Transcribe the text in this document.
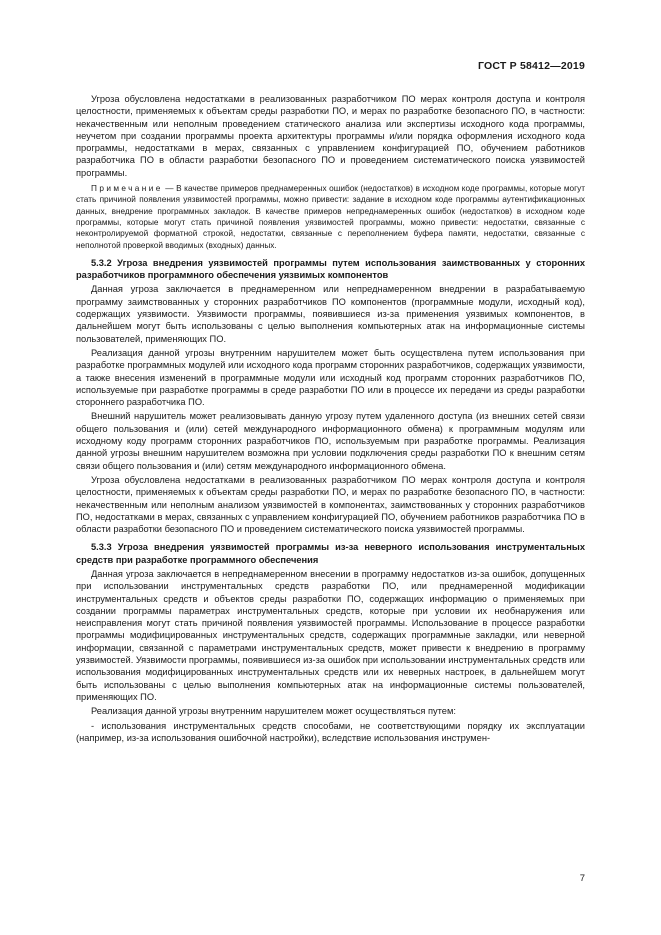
ГОСТ Р 58412—2019

Угроза обусловлена недостатками в реализованных разработчиком ПО мерах контроля доступа и контроля целостности, применяемых к объектам среды разработки ПО, и мерах по разработке безопасного ПО, в частности: некачественным или неполным проведением статического анализа или экспертизы исходного кода программы, неучетом при создании программы проекта архитектуры программы и/или порядка оформления исходного кода программы, недостатками в мерах, связанных с управлением конфигурацией ПО, обучением работников разработчика ПО в области разработки безопасного ПО и проведением систематического поиска уязвимостей программы.

Примечание — В качестве примеров преднамеренных ошибок (недостатков) в исходном коде программы, которые могут стать причиной появления уязвимостей программы, можно привести: задание в исходном коде программы аутентификационных данных, внедрение программных закладок. В качестве примеров непреднамеренных ошибок (недостатков) в исходном коде программы, которые могут стать причиной появления уязвимостей программы, можно привести: недостатки, связанные с неконтролируемой форматной строкой, недостатки, связанные с переполнением буфера памяти, недостатки, связанные с неполнотой проверкой вводимых (входных) данных.

5.3.2 Угроза внедрения уязвимостей программы путем использования заимствованных у сторонних разработчиков программного обеспечения уязвимых компонентов

Данная угроза заключается в преднамеренном или непреднамеренном внедрении в разрабатываемую программу заимствованных у сторонних разработчиков ПО компонентов (программные модули, исходный код), содержащих уязвимости. Уязвимости программы, появившиеся из-за применения уязвимых компонентов, в дальнейшем могут быть использованы с целью выполнения компьютерных атак на информационные системы пользователей, применяющих ПО.

Реализация данной угрозы внутренним нарушителем может быть осуществлена путем использования при разработке программных модулей или исходного кода программ сторонних разработчиков, содержащих уязвимости, а также внесения изменений в программные модули или исходный код программ сторонних разработчиков ПО, используемые при разработке программы в среде разработки ПО или в процессе их передачи из среды разработки стороннего разработчика ПО.

Внешний нарушитель может реализовывать данную угрозу путем удаленного доступа (из внешних сетей связи общего пользования и (или) сетей международного информационного обмена) к программным модулям или исходному коду программ сторонних разработчиков ПО, используемым при разработке программы. Реализация данной угрозы внешним нарушителем возможна при условии подключения среды разработки ПО к внешним сетям связи общего пользования и (или) сетям международного информационного обмена.

Угроза обусловлена недостатками в реализованных разработчиком ПО мерах контроля доступа и контроля целостности, применяемых к объектам среды разработки ПО, и мерах по разработке безопасного ПО, в частности: некачественным или неполным анализом уязвимостей в компонентах, заимствованных у сторонних разработчиков ПО, недостатками в мерах, связанных с управлением конфигурацией ПО, обучением работников разработчика ПО в области разработки безопасного ПО и проведением систематического поиска уязвимостей программы.

5.3.3 Угроза внедрения уязвимостей программы из-за неверного использования инструментальных средств при разработке программного обеспечения

Данная угроза заключается в непреднамеренном внесении в программу недостатков из-за ошибок, допущенных при использовании инструментальных средств разработки ПО, или преднамеренной модификации инструментальных средств и объектов среды разработки ПО, содержащих информацию о применяемых при создании программы параметрах инструментальных средств, которые при условии их необнаружения или неисправления могут стать причиной появления уязвимостей программы. Использование в процессе разработки программы модифицированных инструментальных средств, содержащих программные закладки, или неверной информации, связанной с параметрами инструментальных средств, может привести к внедрению в программу уязвимостей. Уязвимости программы, появившиеся из-за ошибок при использовании инструментальных средств или использования модифицированных инструментальных средств или их неверных настроек, в дальнейшем могут быть использованы с целью выполнения компьютерных атак на информационные системы пользователей, применяющих ПО.

Реализация данной угрозы внутренним нарушителем может осуществляться путем:

- использования инструментальных средств способами, не соответствующими порядку их эксплуатации (например, из-за использования ошибочной настройки), вследствие использования инструмен-

7
